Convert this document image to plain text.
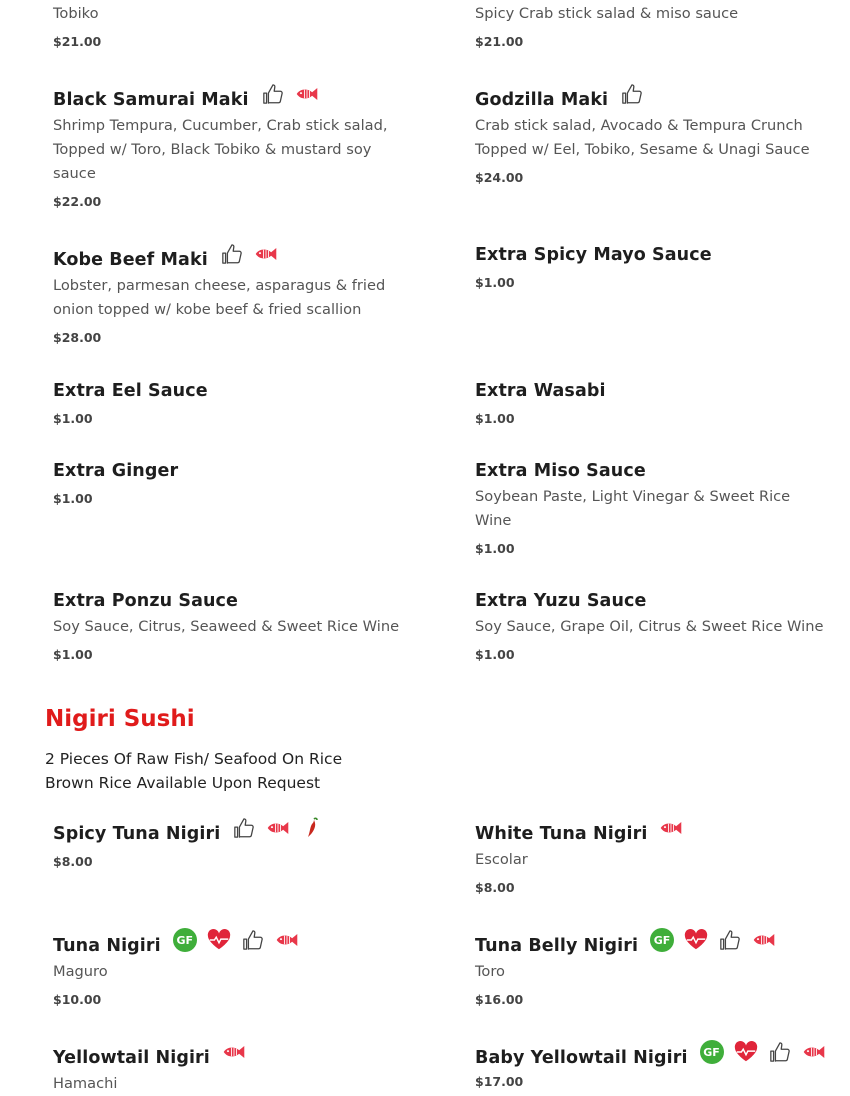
Tobiko
$21.00
Spicy Crab stick salad & miso sauce
$21.00
Black Samurai Maki
Shrimp Tempura, Cucumber, Crab stick salad,
Topped w/ Toro, Black Tobiko & mustard soy
sauce
$22.00
Godzilla Maki
Crab stick salad, Avocado & Tempura Crunch
Topped w/ Eel, Tobiko, Sesame & Unagi Sauce
$24.00
Kobe Beef Maki
Lobster, parmesan cheese, asparagus & fried
onion topped w/ kobe beef & fried scallion
$28.00
Extra Spicy Mayo Sauce
$1.00
Extra Eel Sauce
$1.00
Extra Wasabi
$1.00
Extra Ginger
$1.00
Extra Miso Sauce
Soybean Paste, Light Vinegar & Sweet Rice
Wine
$1.00
Extra Ponzu Sauce
Soy Sauce, Citrus, Seaweed & Sweet Rice Wine
$1.00
Extra Yuzu Sauce
Soy Sauce, Grape Oil, Citrus & Sweet Rice Wine
$1.00
Nigiri Sushi
2 Pieces Of Raw Fish/ Seafood On Rice
Brown Rice Available Upon Request
Spicy Tuna Nigiri
$8.00
White Tuna Nigiri
Escolar
$8.00
Tuna Nigiri	GF
Maguro
$10.00
Tuna Belly Nigiri	GF
Toro
$16.00
Yellowtail Nigiri
Hamachi
Baby Yellowtail Nigiri	GF
$17.00
